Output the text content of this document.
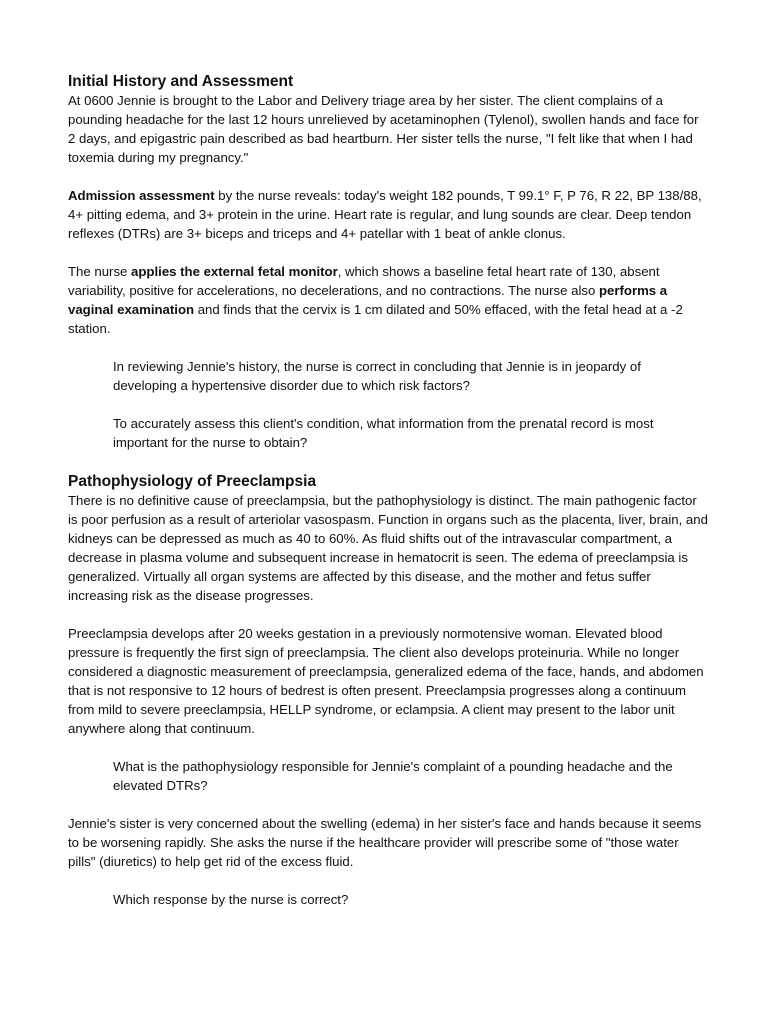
Initial History and Assessment

At 0600 Jennie is brought to the Labor and Delivery triage area by her sister. The client complains of a pounding headache for the last 12 hours unrelieved by acetaminophen (Tylenol), swollen hands and face for 2 days, and epigastric pain described as bad heartburn. Her sister tells the nurse, "I felt like that when I had toxemia during my pregnancy."

Admission assessment by the nurse reveals: today's weight 182 pounds, T 99.1° F, P 76, R 22, BP 138/88, 4+ pitting edema, and 3+ protein in the urine. Heart rate is regular, and lung sounds are clear. Deep tendon reflexes (DTRs) are 3+ biceps and triceps and 4+ patellar with 1 beat of ankle clonus.

The nurse applies the external fetal monitor, which shows a baseline fetal heart rate of 130, absent variability, positive for accelerations, no decelerations, and no contractions. The nurse also performs a vaginal examination and finds that the cervix is 1 cm dilated and 50% effaced, with the fetal head at a -2 station.

In reviewing Jennie's history, the nurse is correct in concluding that Jennie is in jeopardy of developing a hypertensive disorder due to which risk factors?

To accurately assess this client's condition, what information from the prenatal record is most important for the nurse to obtain?

Pathophysiology of Preeclampsia

There is no definitive cause of preeclampsia, but the pathophysiology is distinct. The main pathogenic factor is poor perfusion as a result of arteriolar vasospasm. Function in organs such as the placenta, liver, brain, and kidneys can be depressed as much as 40 to 60%. As fluid shifts out of the intravascular compartment, a decrease in plasma volume and subsequent increase in hematocrit is seen. The edema of preeclampsia is generalized. Virtually all organ systems are affected by this disease, and the mother and fetus suffer increasing risk as the disease progresses.

Preeclampsia develops after 20 weeks gestation in a previously normotensive woman. Elevated blood pressure is frequently the first sign of preeclampsia. The client also develops proteinuria. While no longer considered a diagnostic measurement of preeclampsia, generalized edema of the face, hands, and abdomen that is not responsive to 12 hours of bedrest is often present. Preeclampsia progresses along a continuum from mild to severe preeclampsia, HELLP syndrome, or eclampsia. A client may present to the labor unit anywhere along that continuum.

What is the pathophysiology responsible for Jennie's complaint of a pounding headache and the elevated DTRs?

Jennie's sister is very concerned about the swelling (edema) in her sister's face and hands because it seems to be worsening rapidly. She asks the nurse if the healthcare provider will prescribe some of "those water pills" (diuretics) to help get rid of the excess fluid.

Which response by the nurse is correct?
